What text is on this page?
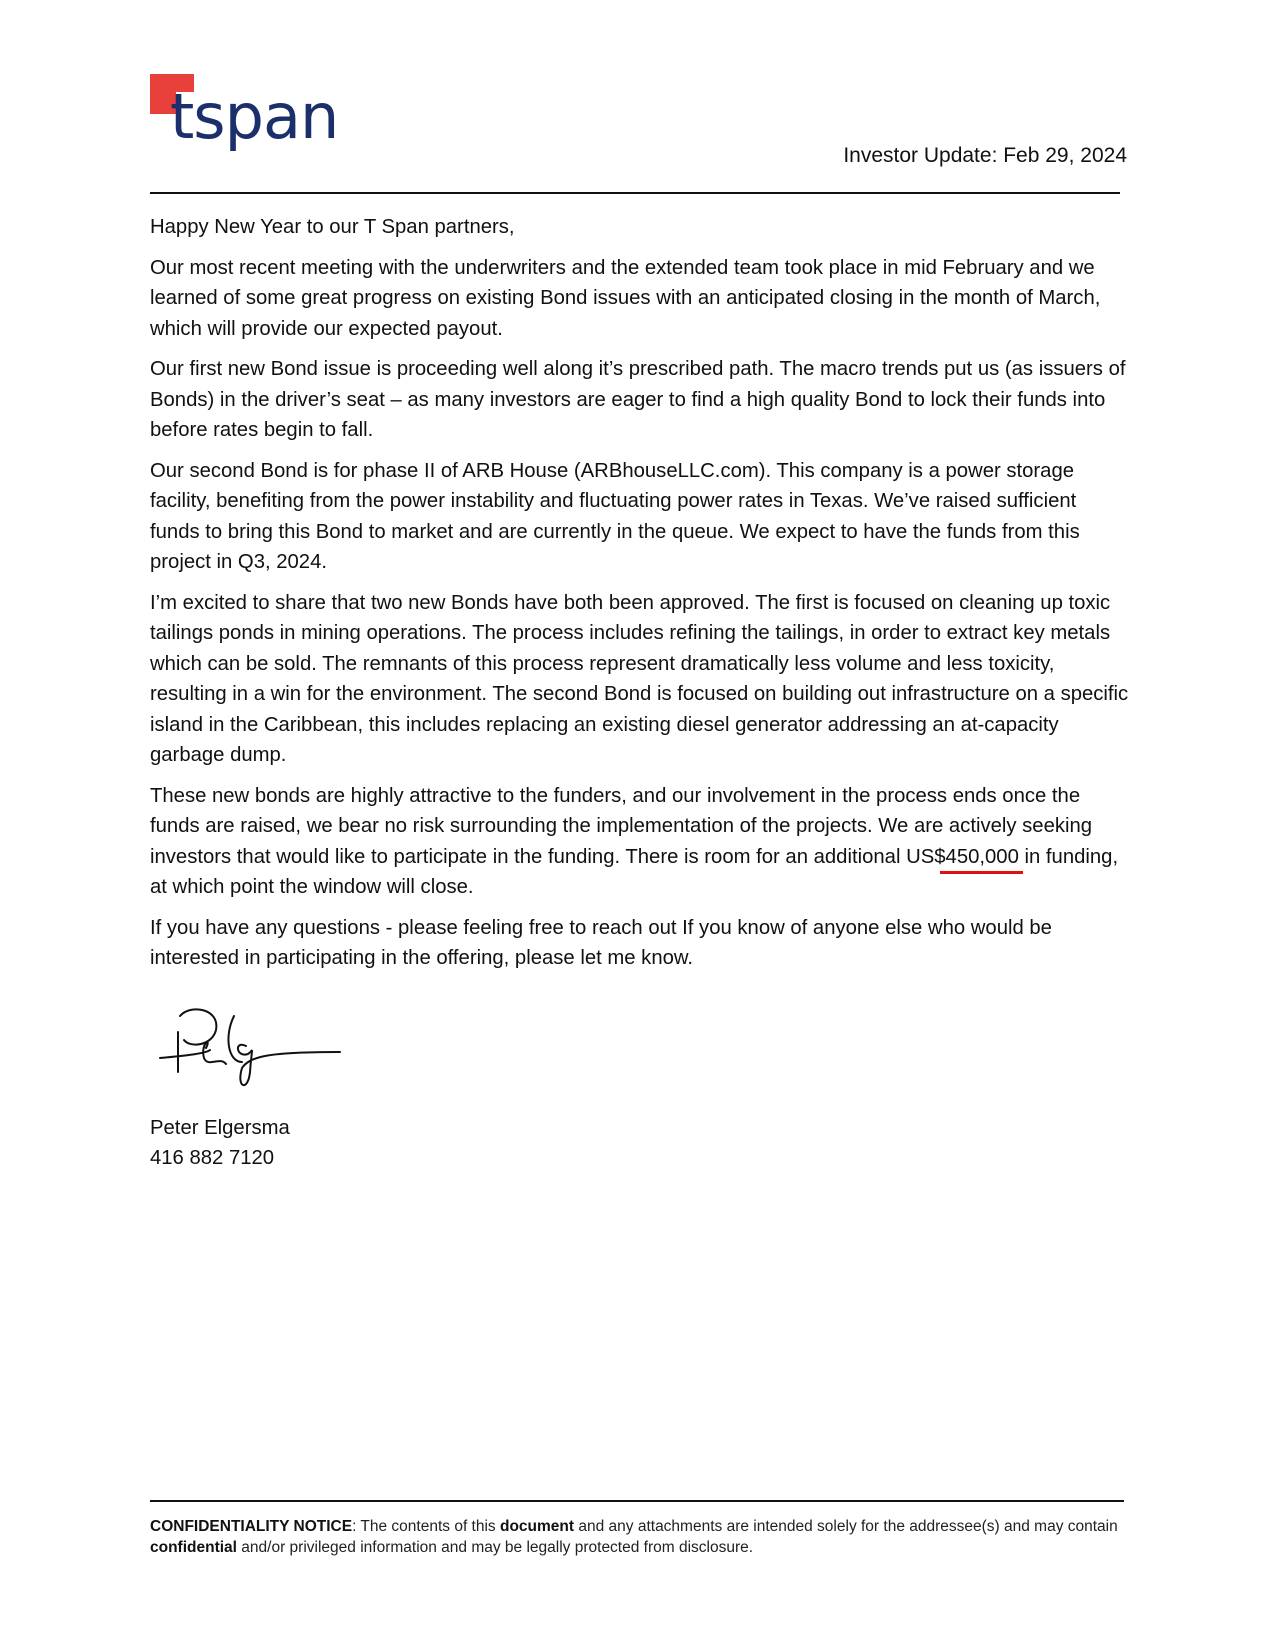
tspan
Investor Update: Feb 29, 2024

Happy New Year to our T Span partners,

Our most recent meeting with the underwriters and the extended team took place in mid February and we learned of some great progress on existing Bond issues with an anticipated closing in the month of March, which will provide our expected payout.

Our first new Bond issue is proceeding well along it’s prescribed path. The macro trends put us (as issuers of Bonds) in the driver’s seat – as many investors are eager to find a high quality Bond to lock their funds into before rates begin to fall.

Our second Bond is for phase II of ARB House (ARBhouseLLC.com). This company is a power storage facility, benefiting from the power instability and fluctuating power rates in Texas. We’ve raised sufficient funds to bring this Bond to market and are currently in the queue. We expect to have the funds from this project in Q3, 2024.

I’m excited to share that two new Bonds have both been approved. The first is focused on cleaning up toxic tailings ponds in mining operations. The process includes refining the tailings, in order to extract key metals which can be sold. The remnants of this process represent dramatically less volume and less toxicity, resulting in a win for the environment. The second Bond is focused on building out infrastructure on a specific island in the Caribbean, this includes replacing an existing diesel generator addressing an at-capacity garbage dump.

These new bonds are highly attractive to the funders, and our involvement in the process ends once the funds are raised, we bear no risk surrounding the implementation of the projects. We are actively seeking investors that would like to participate in the funding. There is room for an additional US$450,000 in funding, at which point the window will close.

If you have any questions - please feeling free to reach out If you know of anyone else who would be interested in participating in the offering, please let me know.

Peter Elgersma
416 882 7120
CONFIDENTIALITY NOTICE: The contents of this document and any attachments are intended solely for the addressee(s) and may contain confidential and/or privileged information and may be legally protected from disclosure.
